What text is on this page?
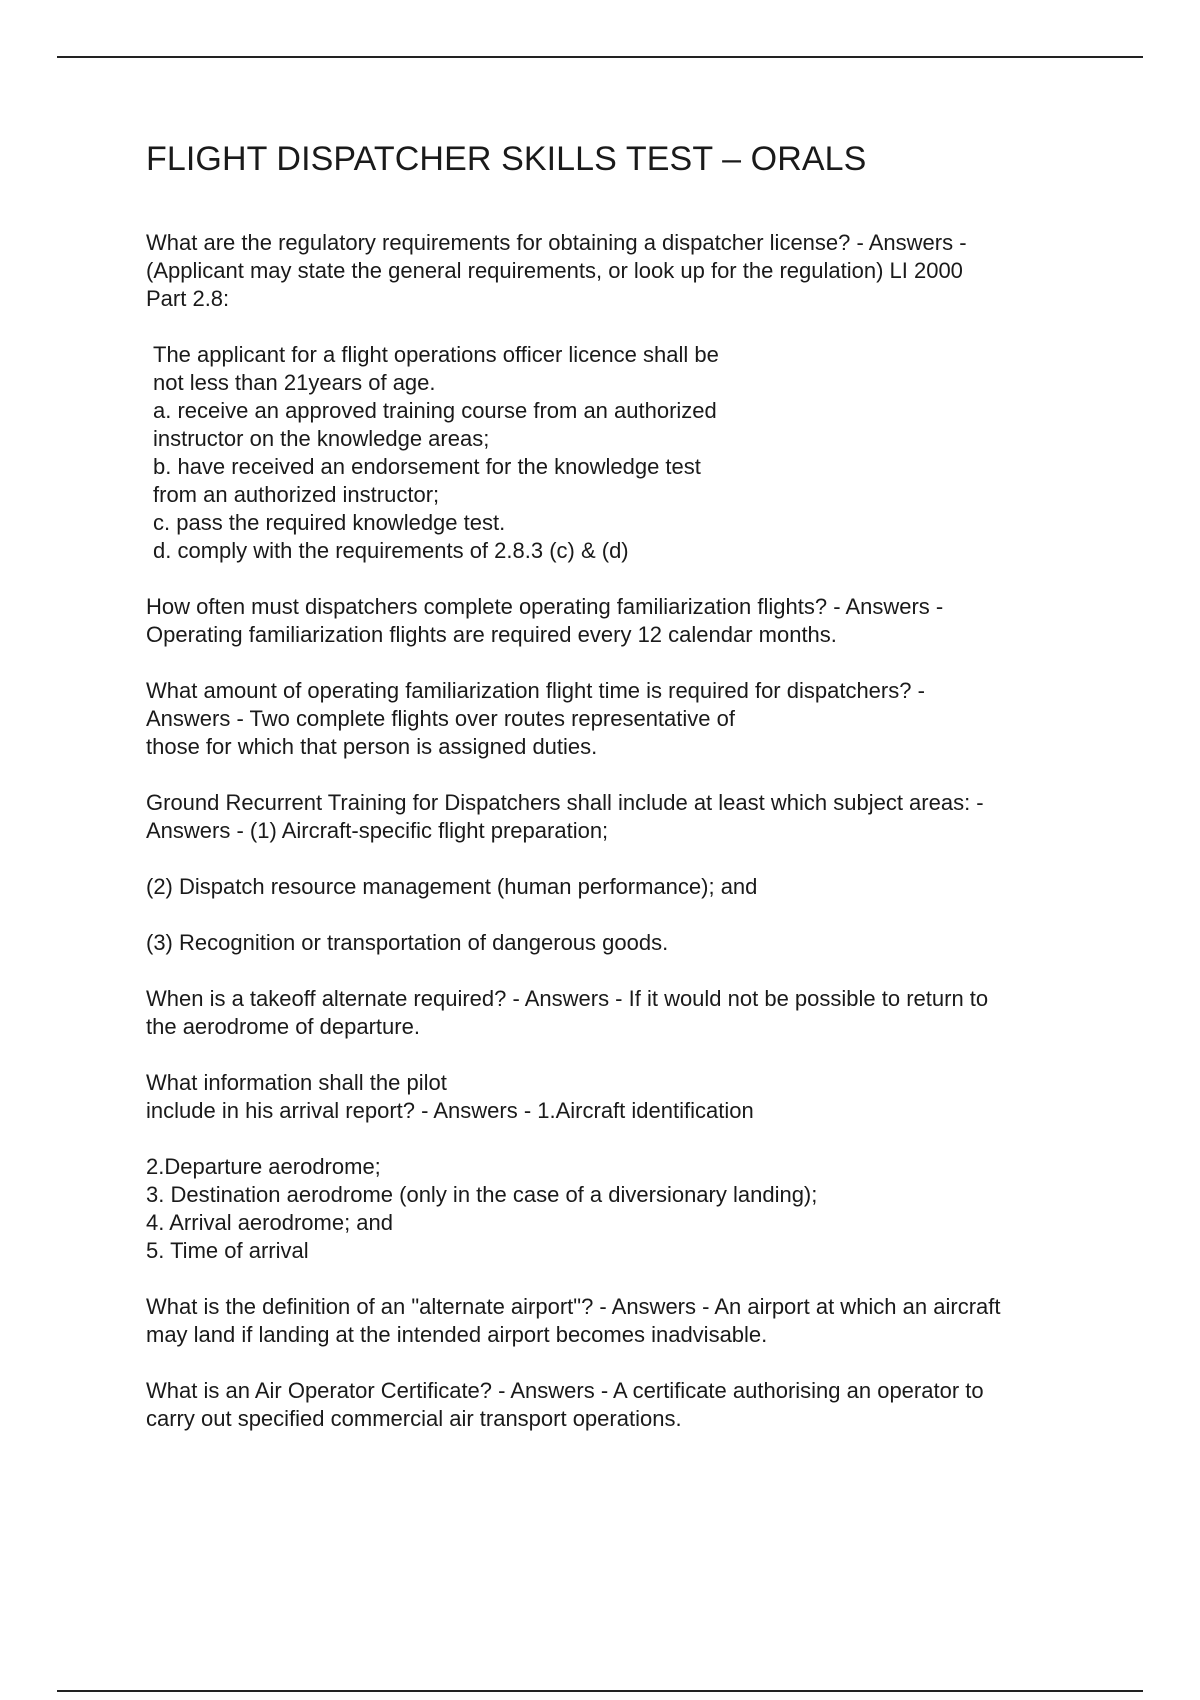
FLIGHT DISPATCHER SKILLS TEST – ORALS
What are the regulatory requirements for obtaining a dispatcher license? - Answers -
(Applicant may state the general requirements, or look up for the regulation) LI 2000
Part 2.8:
The applicant for a flight operations officer licence shall be
not less than 21years of age.
a. receive an approved training course from an authorized
instructor on the knowledge areas;
b. have received an endorsement for the knowledge test
from an authorized instructor;
c. pass the required knowledge test.
d. comply with the requirements of 2.8.3 (c) & (d)
How often must dispatchers complete operating familiarization flights? - Answers -
Operating familiarization flights are required every 12 calendar months.
What amount of operating familiarization flight time is required for dispatchers? -
Answers - Two complete flights over routes representative of
those for which that person is assigned duties.
Ground Recurrent Training for Dispatchers shall include at least which subject areas: -
Answers - (1) Aircraft-specific flight preparation;
(2) Dispatch resource management (human performance); and
(3) Recognition or transportation of dangerous goods.
When is a takeoff alternate required? - Answers - If it would not be possible to return to
the aerodrome of departure.
What information shall the pilot
include in his arrival report? - Answers - 1.Aircraft identification
2.Departure aerodrome;
3. Destination aerodrome (only in the case of a diversionary landing);
4. Arrival aerodrome; and
5. Time of arrival
What is the definition of an "alternate airport"? - Answers - An airport at which an aircraft
may land if landing at the intended airport becomes inadvisable.
What is an Air Operator Certificate? - Answers - A certificate authorising an operator to
carry out specified commercial air transport operations.
